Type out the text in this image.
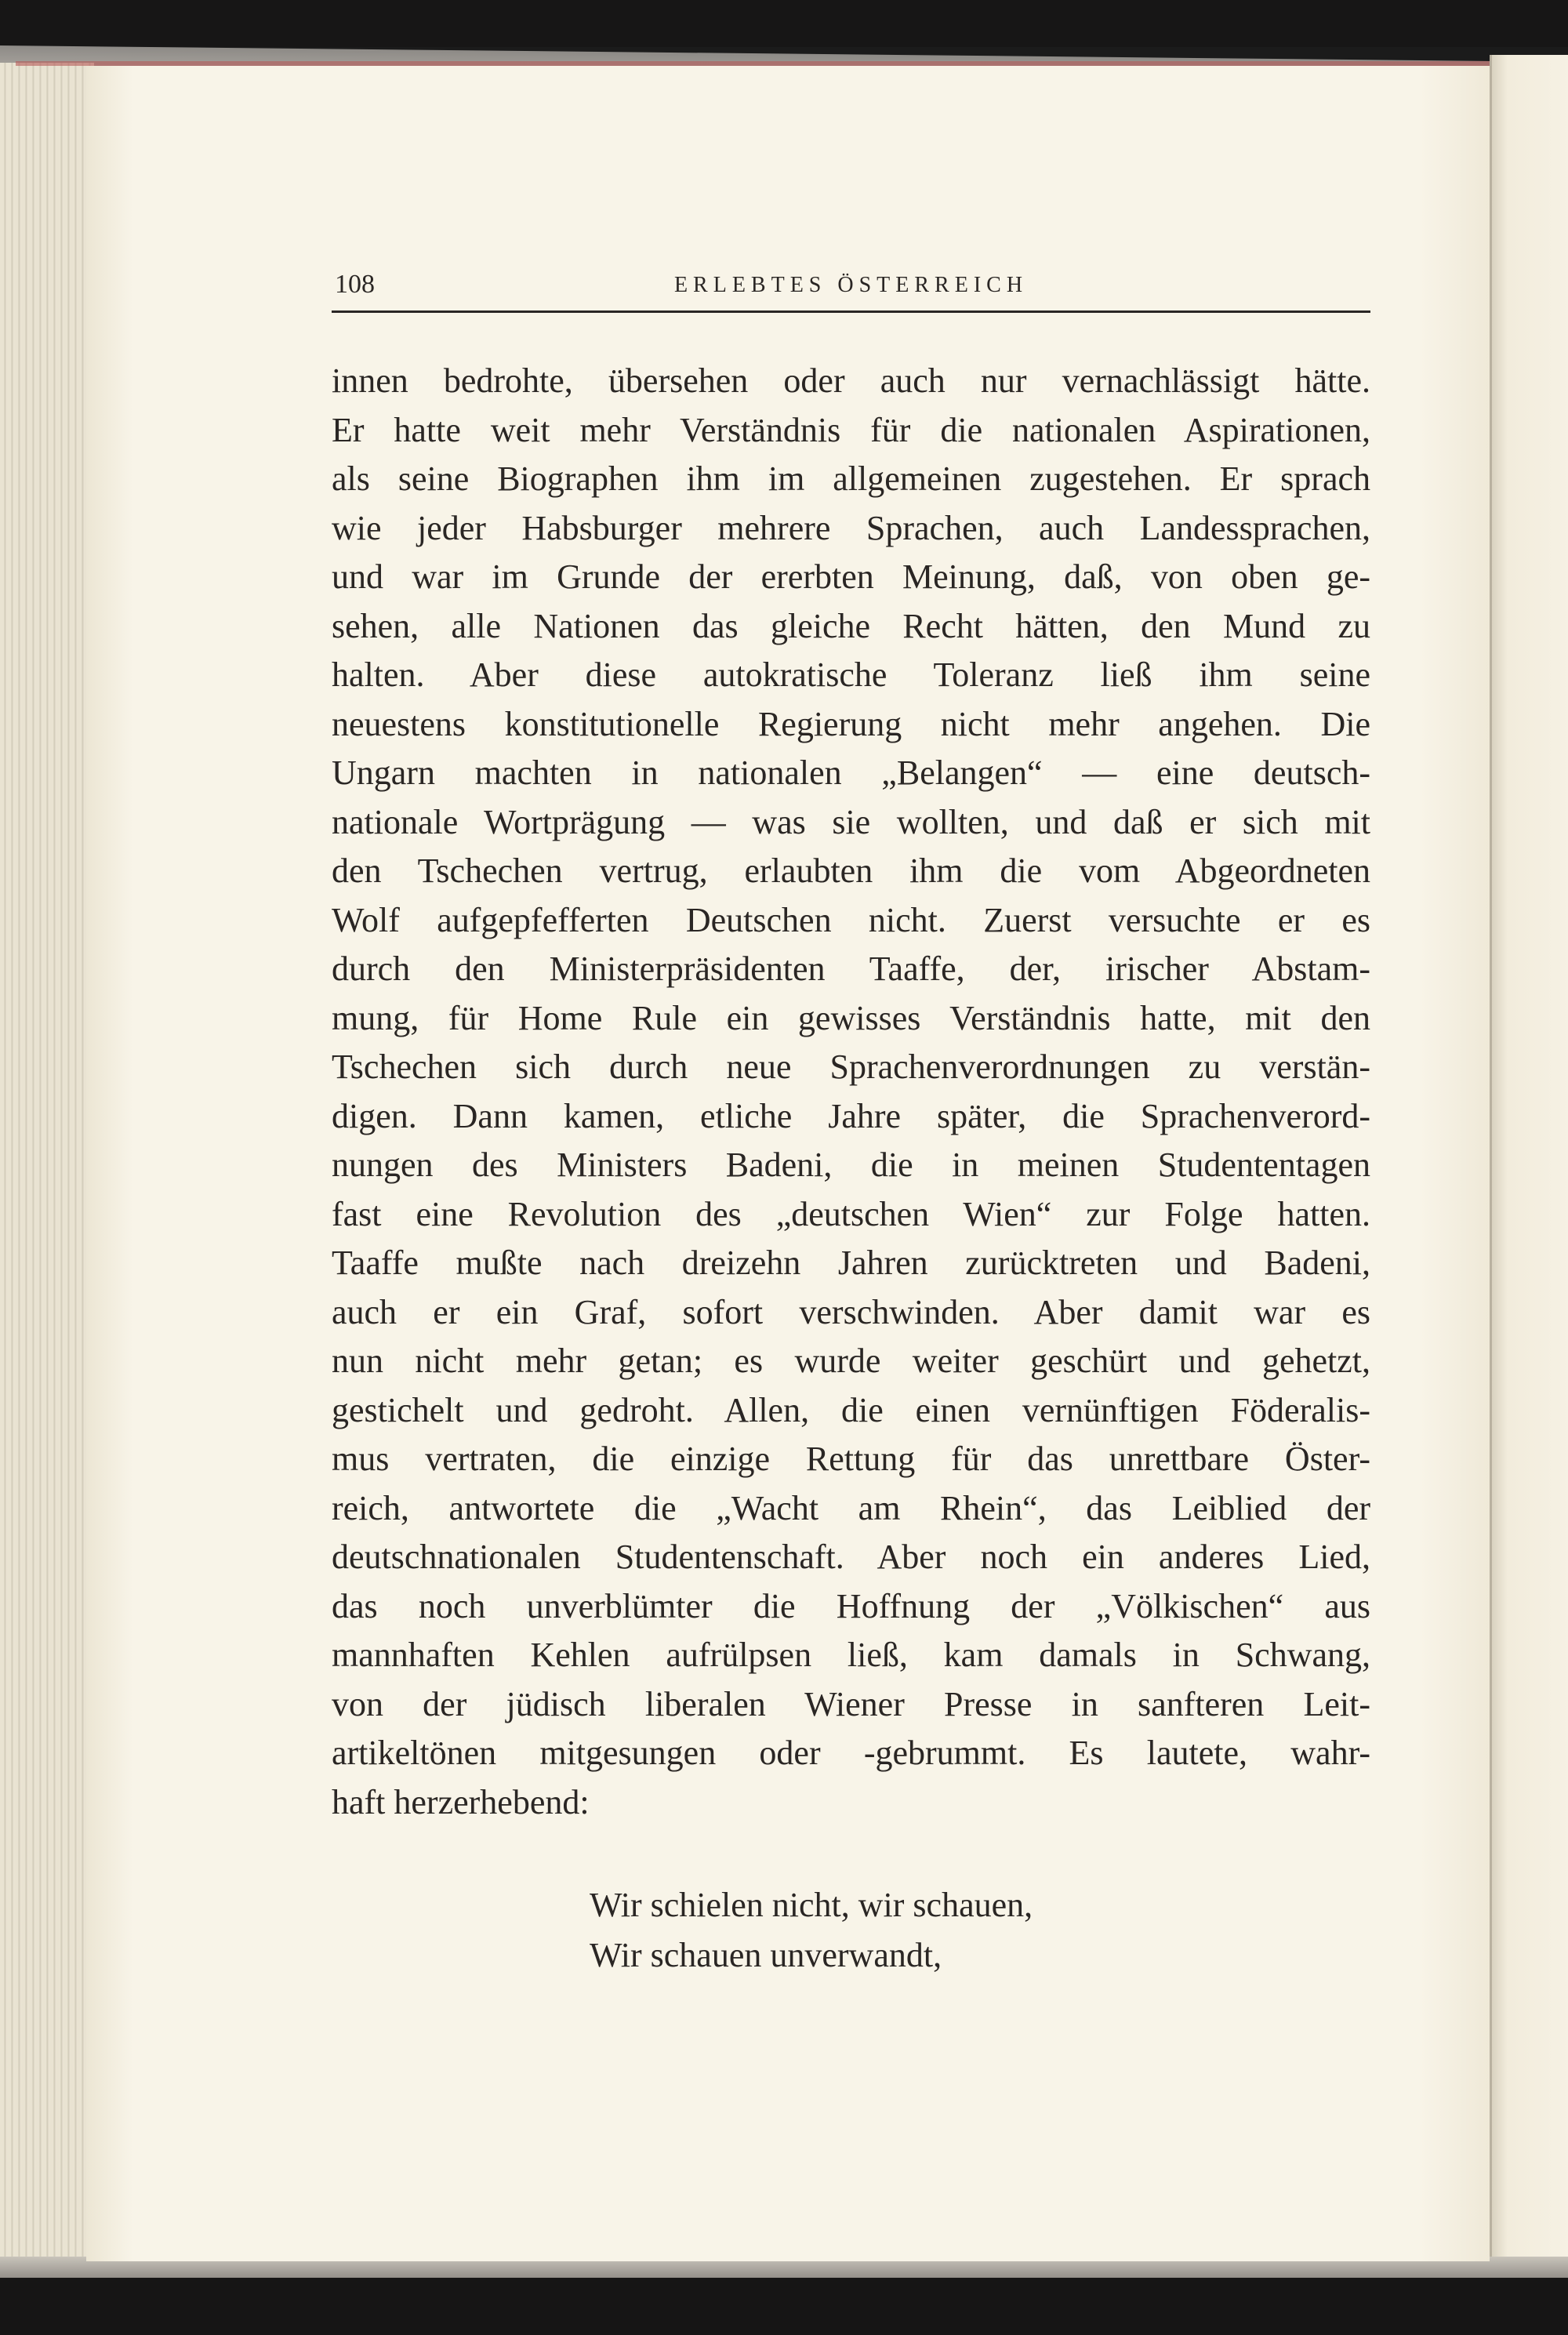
108	ERLEBTES ÖSTERREICH
innen bedrohte, übersehen oder auch nur vernachlässigt hätte.
Er hatte weit mehr Verständnis für die nationalen Aspirationen,
als seine Biographen ihm im allgemeinen zugestehen. Er sprach
wie jeder Habsburger mehrere Sprachen, auch Landessprachen,
und war im Grunde der ererbten Meinung, daß, von oben ge-
sehen, alle Nationen das gleiche Recht hätten, den Mund zu
halten. Aber diese autokratische Toleranz ließ ihm seine
neuestens konstitutionelle Regierung nicht mehr angehen. Die
Ungarn machten in nationalen „Belangen“ — eine deutsch-
nationale Wortprägung — was sie wollten, und daß er sich mit
den Tschechen vertrug, erlaubten ihm die vom Abgeordneten
Wolf aufgepfefferten Deutschen nicht. Zuerst versuchte er es
durch den Ministerpräsidenten Taaffe, der, irischer Abstam-
mung, für Home Rule ein gewisses Verständnis hatte, mit den
Tschechen sich durch neue Sprachenverordnungen zu verstän-
digen. Dann kamen, etliche Jahre später, die Sprachenverord-
nungen des Ministers Badeni, die in meinen Studententagen
fast eine Revolution des „deutschen Wien“ zur Folge hatten.
Taaffe mußte nach dreizehn Jahren zurücktreten und Badeni,
auch er ein Graf, sofort verschwinden. Aber damit war es
nun nicht mehr getan; es wurde weiter geschürt und gehetzt,
gestichelt und gedroht. Allen, die einen vernünftigen Föderalis-
mus vertraten, die einzige Rettung für das unrettbare Öster-
reich, antwortete die „Wacht am Rhein“, das Leiblied der
deutschnationalen Studentenschaft. Aber noch ein anderes Lied,
das noch unverblümter die Hoffnung der „Völkischen“ aus
mannhaften Kehlen aufrülpsen ließ, kam damals in Schwang,
von der jüdisch liberalen Wiener Presse in sanfteren Leit-
artikeltönen mitgesungen oder -gebrummt. Es lautete, wahr-
haft herzerhebend:
Wir schielen nicht, wir schauen,
Wir schauen unverwandt,
